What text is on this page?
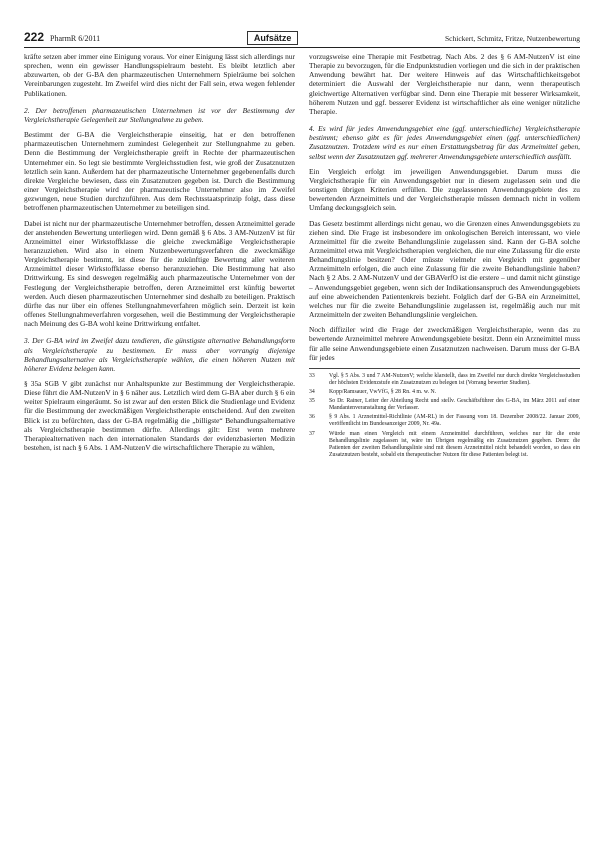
222 PharmR 6/2011	Aufsätze	Schickert, Schmitz, Fritze, Nutzenbewertung

kräfte setzen aber immer eine Einigung voraus. Vor einer Einigung lässt sich allerdings nur sprechen, wenn ein gewisser Handlungsspielraum besteht. Es bleibt letztlich aber abzuwarten, ob der G-BA den pharmazeutischen Unternehmern Spielräume bei solchen Vereinbarungen zugesteht. Im Zweifel wird dies nicht der Fall sein, etwa wegen fehlender Publikationen.

2. Der betroffenen pharmazeutischen Unternehmen ist vor der Bestimmung der Vergleichstherapie Gelegenheit zur Stellungnahme zu geben.

Bestimmt der G-BA die Vergleichstherapie einseitig, hat er den betroffenen pharmazeutischen Unternehmern zumindest Gelegenheit zur Stellungnahme zu geben. Denn die Bestimmung der Vergleichstherapie greift in Rechte der pharmazeutischen Unternehmer ein. So legt sie bestimmte Vergleichsstudien fest, wie groß der Zusatznutzen letztlich sein kann. Außerdem hat der pharmazeutische Unternehmer gegebenenfalls durch direkte Vergleiche bewiesen, dass ein Zusatznutzen gegeben ist. Durch die Bestimmung einer Vergleichstherapie wird der pharmazeutische Unternehmer also im Zweifel gezwungen, neue Studien durchzuführen. Aus dem Rechtsstaatsprinzip folgt, dass diese betroffenen pharmazeutischen Unternehmer zu beteiligen sind.

Dabei ist nicht nur der pharmazeutische Unternehmer betroffen, dessen Arzneimittel gerade der anstehenden Bewertung unterliegen wird. Denn gemäß § 6 Abs. 3 AM-NutzenV ist für Arzneimittel einer Wirkstoffklasse die gleiche zweckmäßige Vergleichstherapie heranzuziehen. Wird also in einem Nutzenbewertungsverfahren die zweckmäßige Vergleichstherapie bestimmt, ist diese für die zukünftige Bewertung aller weiteren Arzneimittel dieser Wirkstoffklasse ebenso heranzuziehen. Die Bestimmung hat also Drittwirkung. Es sind deswegen regelmäßig auch pharmazeutische Unternehmer von der Festlegung der Vergleichstherapie betroffen, deren Arzneimittel erst künftig bewertet werden. Auch diesen pharmazeutischen Unternehmer sind deshalb zu beteiligen. Praktisch dürfte das nur über ein offenes Stellungnahmeverfahren möglich sein. Derzeit ist kein offenes Stellungnahmeverfahren vorgesehen, weil die Bestimmung der Vergleichstherapie nach Meinung des G-BA wohl keine Drittwirkung entfaltet.

3. Der G-BA wird im Zweifel dazu tendieren, die günstigste alternative Behandlungsform als Vergleichstherapie zu bestimmen. Er muss aber vorrangig diejenige Behandlungsalternative als Vergleichstherapie wählen, die einen höheren Nutzen mit höherer Evidenz belegen kann.

§ 35a SGB V gibt zunächst nur Anhaltspunkte zur Bestimmung der Vergleichstherapie. Diese führt die AM-NutzenV in § 6 näher aus. Letztlich wird dem G-BA aber durch § 6 ein weiter Spielraum eingeräumt. So ist zwar auf den ersten Blick die Studienlage und Evidenz für die Bestimmung der zweckmäßigen Vergleichstherapie entscheidend. Auf den zweiten Blick ist zu befürchten, dass der G-BA regelmäßig die „billigste“ Behandlungsalternative als Vergleichstherapie bestimmen dürfte. Allerdings gilt: Erst wenn mehrere Therapiealternativen nach den internationalen Standards der evidenzbasierten Medizin bestehen, ist nach § 6 Abs. 1 AM-NutzenV die wirtschaftlichere Therapie zu wählen,

vorzugsweise eine Therapie mit Festbetrag. Nach Abs. 2 des § 6 AM-NutzenV ist eine Therapie zu bevorzugen, für die Endpunktstudien vorliegen und die sich in der praktischen Anwendung bewährt hat. Der weitere Hinweis auf das Wirtschaftlichkeitsgebot determiniert die Auswahl der Vergleichstherapie nur dann, wenn therapeutisch gleichwertige Alternativen verfügbar sind. Denn eine Therapie mit besserer Wirksamkeit, höherem Nutzen und ggf. besserer Evidenz ist wirtschaftlicher als eine weniger nützliche Therapie.

4. Es wird für jedes Anwendungsgebiet eine (ggf. unterschiedliche) Vergleichstherapie bestimmt; ebenso gibt es für jedes Anwendungsgebiet einen (ggf. unterschiedlichen) Zusatznutzen. Trotzdem wird es nur einen Erstattungsbetrag für das Arzneimittel geben, selbst wenn der Zusatznutzen ggf. mehrerer Anwendungsgebiete unterschiedlich ausfällt.

Ein Vergleich erfolgt im jeweiligen Anwendungsgebiet. Darum muss die Vergleichstherapie für ein Anwendungsgebiet nur in diesem zugelassen sein und die sonstigen übrigen Kriterien erfüllen. Die zugelassenen Anwendungsgebiete des zu bewertenden Arzneimittels und der Vergleichstherapie müssen demnach nicht in vollem Umfang deckungsgleich sein.

Das Gesetz bestimmt allerdings nicht genau, wo die Grenzen eines Anwendungsgebiets zu ziehen sind. Die Frage ist insbesondere im onkologischen Bereich interessant, wo viele Arzneimittel für die zweite Behandlungslinie zugelassen sind. Kann der G-BA solche Arzneimittel etwa mit Vergleichstherapien vergleichen, die nur eine Zulassung für die erste Behandlungslinie besitzen? Oder müsste vielmehr ein Vergleich mit gegenüber Arzneimitteln erfolgen, die auch eine Zulassung für die zweite Behandlungslinie haben? Nach § 2 Abs. 2 AM-NutzenV und der GBAVerfO ist die erstere – und damit nicht günstige – Anwendungsgebiet gegeben, wenn sich der Indikationsanspruch des Anwendungsgebiets auf eine abweichenden Patientenkreis bezieht. Folglich darf der G-BA ein Arzneimittel, welches nur für die zweite Behandlungslinie zugelassen ist, regelmäßig auch nur mit Arzneimitteln der zweiten Behandlungslinie vergleichen.

Noch diffiziler wird die Frage der zweckmäßigen Vergleichstherapie, wenn das zu bewertende Arzneimittel mehrere Anwendungsgebiete besitzt. Denn ein Arzneimittel muss für alle seine Anwendungsgebiete einen Zusatznutzen nachweisen. Darum muss der G-BA für jedes

33	Vgl. § 5 Abs. 3 und 7 AM-NutzenV; welche klarstellt, dass im Zweifel nur durch direkte Vergleichsstudien der höchsten Evidenzstufe ein Zusatznutzen zu belegen ist (Vorrang bewerter Studien).
34	Kopp/Ramsauer, VwVfG, § 28 Rn. 4 m. w. N.
35	So Dr. Rainer, Leiter der Abteilung Recht und stellv. Geschäftsführer des G-BA, im März 2011 auf einer Mandantenveranstaltung der Verfasser.
36	§ 9 Abs. 1 Arzneimittel-Richtlinie (AM-RL) in der Fassung vom 18. Dezember 2008/22. Januar 2009, veröffentlicht im Bundesanzeiger 2009, Nr. 49a.
37	Würde man einen Vergleich mit einem Arzneimittel durchführen, welches nur für die erste Behandlungslinie zugelassen ist, wäre im Übrigen regelmäßig ein Zusatznutzen gegeben. Denn: die Patienten der zweiten Behandlungslinie sind mit diesem Arzneimittel nicht behandelt worden, so dass ein Zusatznutzen besteht, sobald ein therapeutischer Nutzen für diese Patienten belegt ist.
